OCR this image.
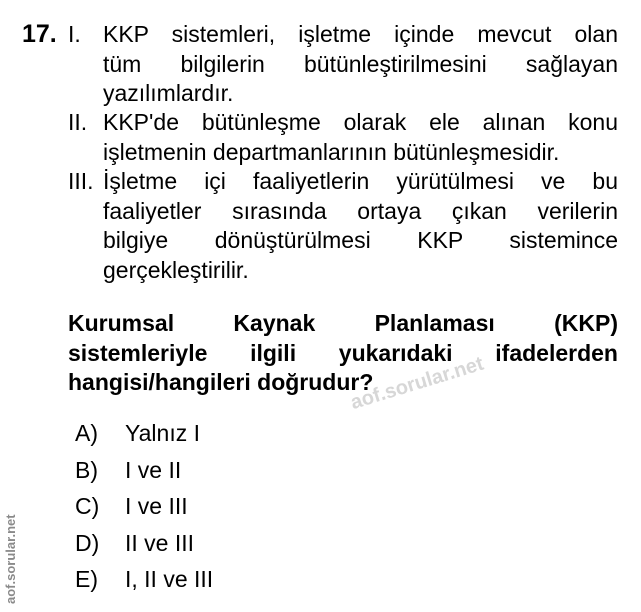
17. I. KKP sistemleri, işletme içinde mevcut olan
tüm bilgilerin bütünleştirilmesini sağlayan
yazılımlardır.
II. KKP'de bütünleşme olarak ele alınan konu
işletmenin departmanlarının bütünleşmesidir.
III. İşletme içi faaliyetlerin yürütülmesi ve bu
faaliyetler sırasında ortaya çıkan verilerin
bilgiye dönüştürülmesi KKP sistemince
gerçekleştirilir.
Kurumsal Kaynak Planlaması (KKP)
sistemleriyle ilgili yukarıdaki ifadelerden
hangisi/hangileri doğrudur?
A) Yalnız I
B) I ve II
C) I ve III
D) II ve III
E) I, II ve III
aof.sorular.net
aof.sorular.net
